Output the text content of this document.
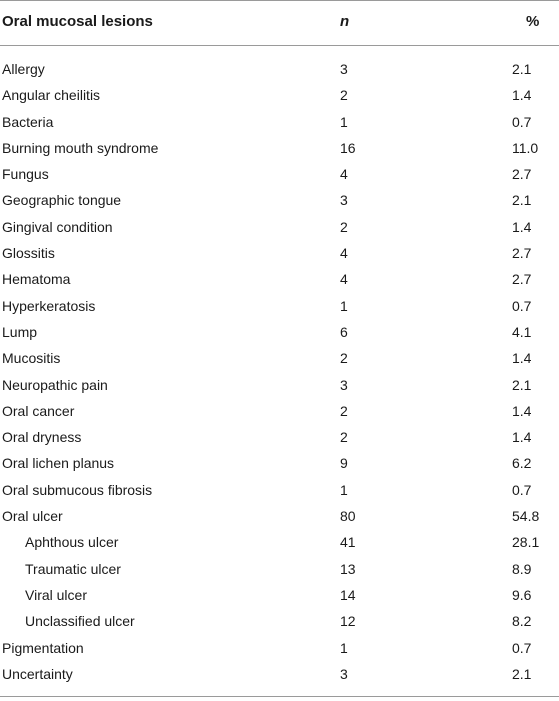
Oral mucosal lesions	n	%
Allergy	3	2.1
Angular cheilitis	2	1.4
Bacteria	1	0.7
Burning mouth syndrome	16	11.0
Fungus	4	2.7
Geographic tongue	3	2.1
Gingival condition	2	1.4
Glossitis	4	2.7
Hematoma	4	2.7
Hyperkeratosis	1	0.7
Lump	6	4.1
Mucositis	2	1.4
Neuropathic pain	3	2.1
Oral cancer	2	1.4
Oral dryness	2	1.4
Oral lichen planus	9	6.2
Oral submucous fibrosis	1	0.7
Oral ulcer	80	54.8
Aphthous ulcer	41	28.1
Traumatic ulcer	13	8.9
Viral ulcer	14	9.6
Unclassified ulcer	12	8.2
Pigmentation	1	0.7
Uncertainty	3	2.1
